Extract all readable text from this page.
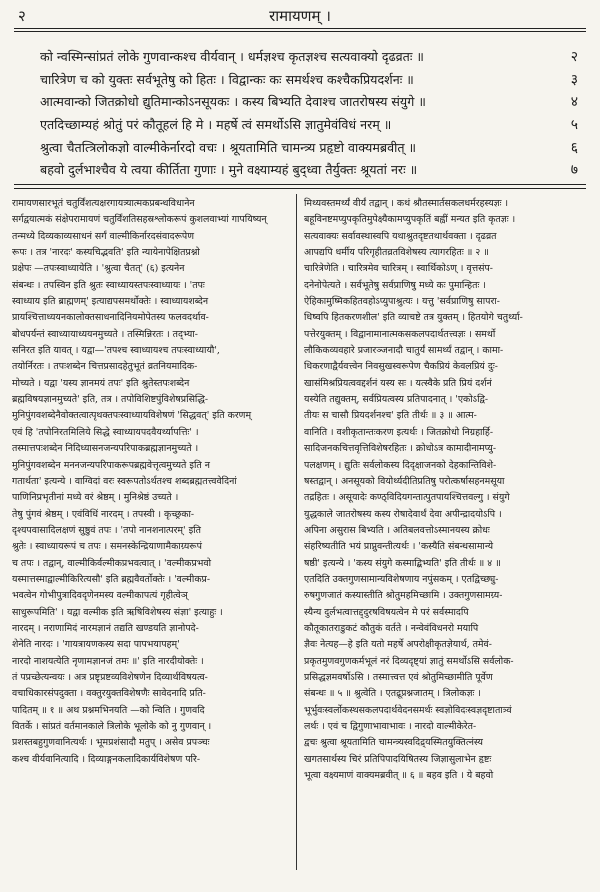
२	रामायणम् ।
को न्वस्मिन्सांप्रतं लोके गुणवान्कश्च वीर्यवान् । धर्मज्ञश्च कृतज्ञश्च सत्यवाक्यो दृढव्रतः ॥	२
चारित्रेण च को युक्तः सर्वभूतेषु को हितः । विद्वान्कः कः समर्थश्च कश्चैकप्रियदर्शनः ॥	३
आत्मवान्को जितक्रोधो द्युतिमान्कोऽनसूयकः । कस्य बिभ्यति देवाश्च जातरोषस्य संयुगे ॥	४
एतदिच्छाम्यहं श्रोतुं परं कौतूहलं हि मे । महर्षे त्वं समर्थोऽसि ज्ञातुमेवंविधं नरम् ॥	५
श्रुत्वा चैतत्त्रिलोकज्ञो वाल्मीकेर्नारदो वचः । श्रूयतामिति चामन्त्र्य प्रहृष्टो वाक्यमब्रवीत् ॥	६
बहवो दुर्लभाश्चैव ये त्वया कीर्तिता गुणाः । मुने वक्ष्याम्यहं बुद्ध्वा तैर्युक्तः श्रूयतां नरः ॥	७
रामायणसारभूतं चतुर्विंशत्यक्षरगायत्र्यात्मकप्रबन्धविधानेन
सर्गद्वयात्मकं संक्षेपरामायणं चतुर्विंशतिसहस्रश्लोकरूपं कुशलवाभ्यां गापयिष्यन्
तन्मध्ये दिव्यकाव्यसाधनं सर्गं वाल्मीकिर्नारदसंवादरूपेण
रूपः । तत्र 'नारदः' कस्यचिद्भवति' इति न्यायेनापेक्षितप्रश्नो
प्रक्षेपः —तपःस्वाध्यायेति । 'श्रुत्वा चैतत्' (६) इत्यनेन
संबन्धः । तपस्विन इति श्रुतः स्वाध्यायस्तपःस्वाध्यायः । 'तपः
स्वाध्याय इति ब्राह्मणम्' इत्याद्यपसमर्थोक्तेः । स्वाध्यायशब्देन
प्रायश्चित्ताध्ययनकालोक्तसाधनादिनियमोपेतस्य फलवदर्थाव-
बोधपर्यन्तं स्वाध्यायाध्ययनमुच्यते । तस्मिन्निरतः । तद्भ्या-
सनिरत इति यावत् । यद्वा—'तपश्च स्वाध्यायश्च तपःस्वाध्यायौ',
तयोर्निरतः । तपःशब्देन चित्तप्रसादहेतुभूतं व्रतनियमादिक-
मोच्यते । यद्वा 'यस्य ज्ञानमयं तपः' इति श्रुतेस्तपःशब्देन
ब्रह्मविषयज्ञानमुच्यते' इति, तत्र । तपोविशिष्टपुंविशेषप्रसिद्धि-
मुनिपुंगवशब्देनैवोक्तत्वात्पृथक्तपःस्वाध्यायविशेषणं 'सिद्धवत्' इति करणम्
एवं हि 'तपोनिरतमिलिये सिद्धे स्वाध्यायपदवैयर्थ्यापत्तिः' ।
तस्मात्तपःशब्देन निदिध्यासनजन्यपरिपाकब्रह्मज्ञानमुच्यते ।
मुनिपुंगवशब्देन मननजन्यपरिपाकरूपब्रह्मवेत्तृत्वमुच्यते इति न
गतार्थता' इत्यन्ये । वाग्विदां वरः स्वरूपतोऽर्थतश्च शब्दब्रह्मतत्त्ववेदिनां
पाणिनिप्रभृतीनां मध्ये वरं श्रेष्ठम् । मुनिश्रेष्ठं उच्यते ।
तेषु पुंगवं श्रेष्ठम् । एवंविधिं नारदम् । तपस्वी । कृच्छ्रका-
दृश्यपवासादिलक्षणं सुष्ठुवं तपः । 'तपो नानशनात्परम्' इति
श्रुतेः । स्वाध्यायरूपं च तपः । समनस्केन्द्रियाणामैकाग्र्यरूपं
च तपः । तद्वान्, वाल्मीकिर्वल्मीकप्रभवत्वात् । 'वल्मीकप्रभवो
यस्मात्तस्माद्वाल्मीकिरित्यसौ' इति ब्रह्मवैवर्तोक्तेः । 'वल्मीकप्र-
भवत्वेन गोभीपुत्रादिवदृणेनमस्य वल्मीकापत्यं गृहीत्वेञ्
साधुरूपमिति' । यद्वा वल्मीक इति ऋषिविशेषस्य संज्ञा' इत्याहुः ।
नारदम् । नराणामिदं नारमज्ञानं तद्यति खण्डयति ज्ञानोपदे-
शेनेति नारदः । 'गायत्रायणकस्य सदा पापभयापहम्'
नारदो नाशयत्येति नृणामज्ञानजं तमः ॥' इति नारदीयोक्तेः ।
तं पप्रच्छेत्यन्वयः । अत्र प्रष्टृप्रष्टव्यविशेषणेन दिव्यार्थविषयत्व-
वचाधिकारसंपदुक्ता । वक्तुरयुक्तविशेषणैः सावेदनादि प्रति-
पादितम् ॥ १ ॥ अथ प्रश्नमभिनयति —को न्विति । गुणवदि
वितर्के । सांप्रतं वर्तमानकाले त्रिलोके भूलोके को नु गुणवान् ।
प्रशस्तबहुगुणवानित्यर्थः । भूमप्रशंसादौ मतुप् । असेव प्रपञ्चः
कश्च वीर्यवानित्यादि । दिव्याङ्गनकलादिकार्यविशेषण परि-
मिथ्यवस्तमर्थ्यं वीर्यं तद्वान् । कथं श्रौतस्मार्तसकलधर्मरहस्यज्ञः ।
बहूविनष्टमप्युपकृतिमुपेक्ष्यैकामप्युपकृतिं बह्वीं मन्यत इति कृतज्ञः ।
सत्यवाक्यः सर्वावस्थास्वपि यथाश्रुतदृष्टतथार्थवक्ता । दृढव्रत
आपद्यपि धर्मीय परिगृहीतव्रतविशेषस्य त्यागरहितः ॥ २ ॥
चारित्रेणेति । चारित्रमेव चारित्रम् । स्वार्थिकोऽण् । वृत्तसंप-
दनेनोपेत्यते । सर्वभूतेषु सर्वप्राणिषु मध्ये कः पुमान्हितः ।
ऐहिकामुष्मिकहितवहोऽप्युपाश्रुत्यः । यत्तु 'सर्वप्राणिषु सापरा-
धिष्वपि हितकरणशील' इति व्याचष्टे तत्र युक्तम् । हितयोगे चतुर्थ्या-
पत्तेरयुक्तम् । विद्वानामानात्मकसकलपदार्थतत्त्वज्ञः । समर्थो
लौकिकव्यवहारे प्रजारञ्जनादौ चातुर्यं सामर्थ्यं तद्वान् । कामा-
धिकरणाद्वैर्यवत्त्वेन निवसुखस्वरूपेण चैकप्रियं केवलप्रियं दुः-
खासंमिश्रप्रियत्ववद्दर्शनं यस्य सः । यत्स्वैके प्रति प्रियं दर्शनं
यस्येति तद्युक्तम्, सर्वप्रियत्वस्य प्रतिपादनात् । 'एकोऽद्वि-
तीयः स चासौ प्रियदर्शनश्च' इति तीर्थः ॥ ३ ॥ आत्म-
वानिति । वशीकृतान्तःकरण इत्यर्थः । जितक्रोधो निग्रहार्हि-
सादिजनकचित्तवृत्तिविशेषरहितः । क्रोधोऽत्र कामादीनामप्यु-
पलक्षणम् । द्युतिः सर्वलोकस्य दिदृक्षाजनको देहकान्तिविशे-
षस्तद्वान् । अनसूयको वियोर्थ्यदीतिप्रतिषु परोत्कर्षासहनमसूया
तद्रहितः । असूयादेः कण्ठ्विदियगन्तात्पुतपायश्चित्तवल्गु । संयुगे
युद्धकाले जातरोषस्य कस्य रोषादेवार्थं देवा अपीन्द्रादयोऽपि ।
अपिना असुरास बिभ्यति । अतिबलवत्तोऽस्मानयस्य क्रोधः
संहरिष्यतीति भयं प्राप्नुवन्तीत्यर्थः । 'कस्यैति संबन्धसामान्ये
षष्ठी' इत्यन्ये । 'कस्य संयुगे कस्माद्बिभ्यति' इति तीर्थः ॥ ४ ॥
एतदिति उक्तगुणसामान्यविशेषणाय नपुंसकम् । एतद्विच्छ्यु-
रुषगुणजातं कस्यास्तीति श्रोतुमहमिच्छामि । उक्तगुणसामग्र्य-
स्यैन्य दुर्लभत्वात्तद्द्दुरषविषयत्वेन मे परं सर्वस्मादपि
कौतूकातराडुकटं कौतुकं वर्तते । नन्वेवंविधनरो मयापि
ज्ञैवः नेत्यह—हे इति यतो महर्षे अपरोक्षीकृतज्ञेयार्थ, तमेवं-
प्रकृतमुणवगुणकर्मभूलं नरं दिव्यदृष्ट्यां ज्ञातुं समर्थोऽसि सर्वलोक-
प्रसिद्धज्ञमवर्षोऽसि । तस्मात्त्वत्त एवं श्रोतुमिच्छामीति पूर्वेण
संबन्धः ॥ ५ ॥ श्रुत्वेति । एतद्रूप्रश्नजातम् । त्रिलोकज्ञः ।
भूर्भुवःस्वर्लोकस्थसकलपदार्थवेदनसमर्थः स्वज्ञोविदःस्वज्ञदृष्टातात्र्वं
लर्थः । एवं च द्विगुणाभावाभावः । नारदो वाल्मीकेरेत-
द्वचः श्रुत्वा श्रूयतामिति चामन्त्र्यस्वदिद्र्यस्मितयुक्तित्नंस्य
खगतसार्थस्य चिरं प्रतिपिपादयिषितस्य जिज्ञासुलाभेन हृष्टः
भूत्वा वक्ष्यमाणं वाक्यमब्रवीत् ॥ ६ ॥ बहव इति । ये बहवो
